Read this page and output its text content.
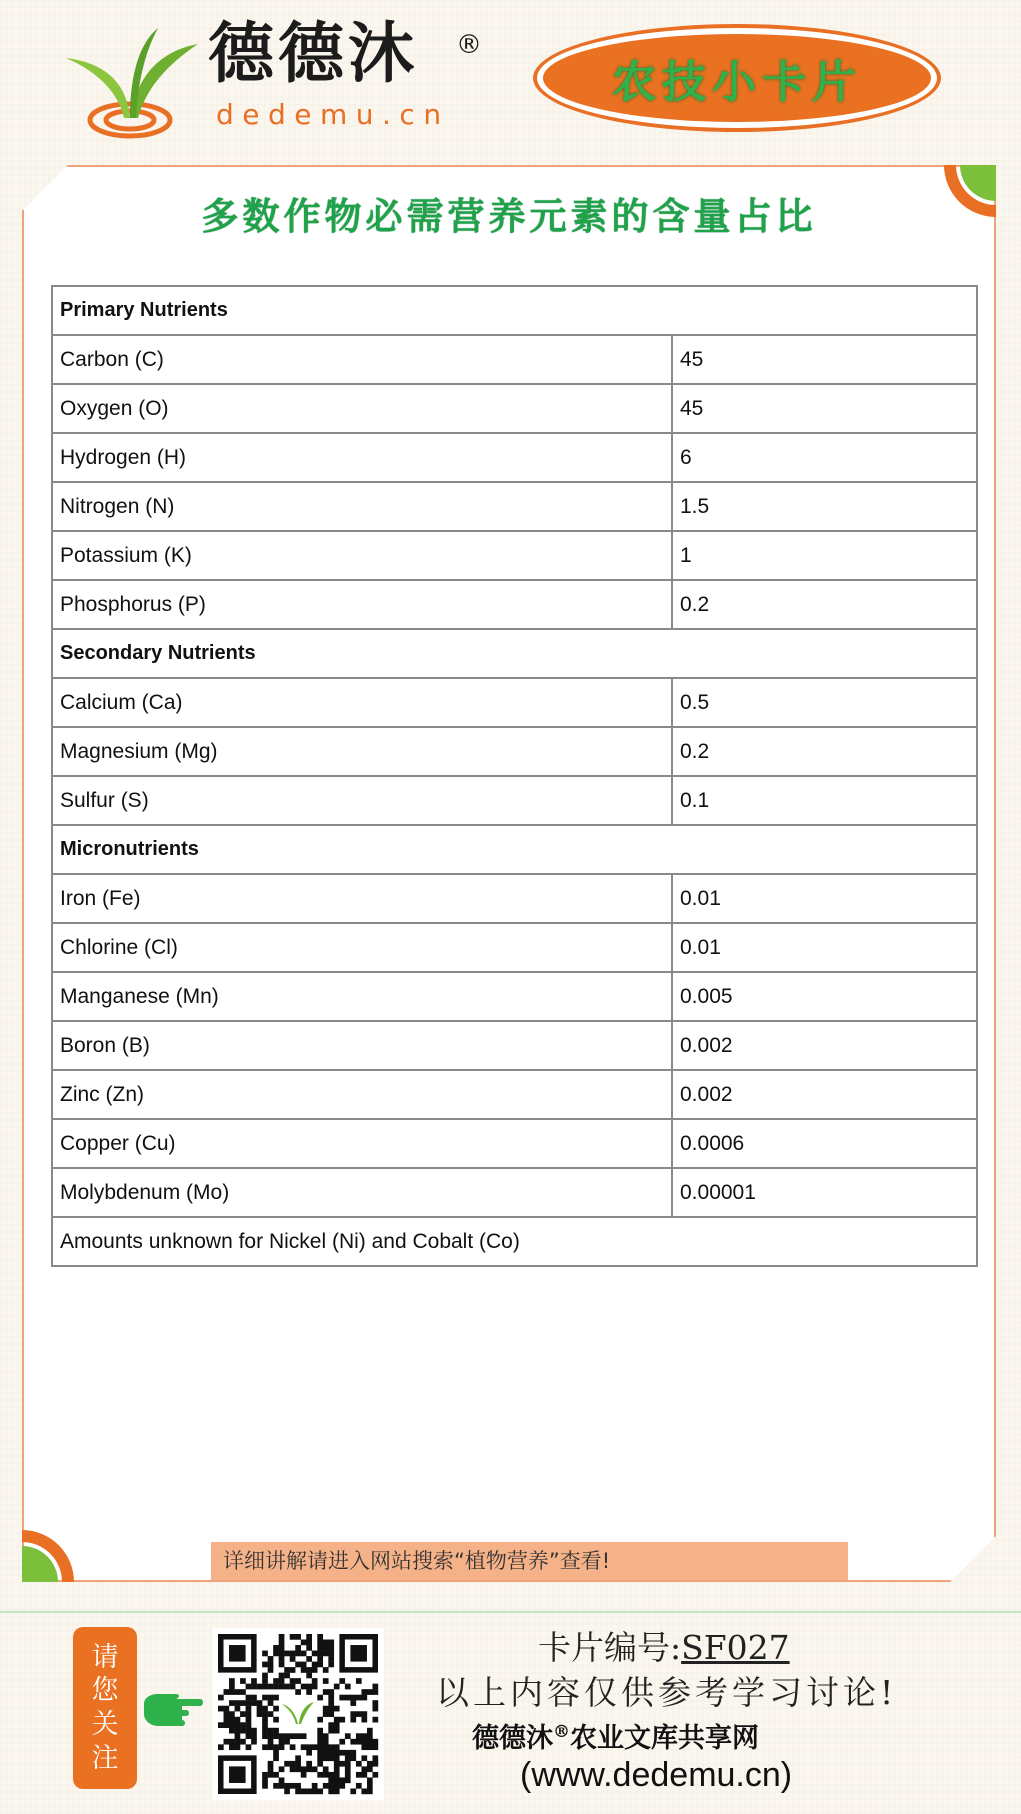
德德沐 ®
dedemu.cn
农技小卡片
多数作物必需营养元素的含量占比
Primary Nutrients	
Carbon (C)	45
Oxygen (O)	45
Hydrogen (H)	6
Nitrogen (N)	1.5
Potassium (K)	1
Phosphorus (P)	0.2
Secondary Nutrients	
Calcium (Ca)	0.5
Magnesium (Mg)	0.2
Sulfur (S)	0.1
Micronutrients	
Iron (Fe)	0.01
Chlorine (Cl)	0.01
Manganese (Mn)	0.005
Boron (B)	0.002
Zinc (Zn)	0.002
Copper (Cu)	0.0006
Molybdenum (Mo)	0.00001
Amounts unknown for Nickel (Ni) and Cobalt (Co)	
详细讲解请进入网站搜索“植物营养”查看!
请
您
关
注
卡片编号:SF027
以上内容仅供参考学习讨论!
德德沐®农业文库共享网
(www.dedemu.cn)
